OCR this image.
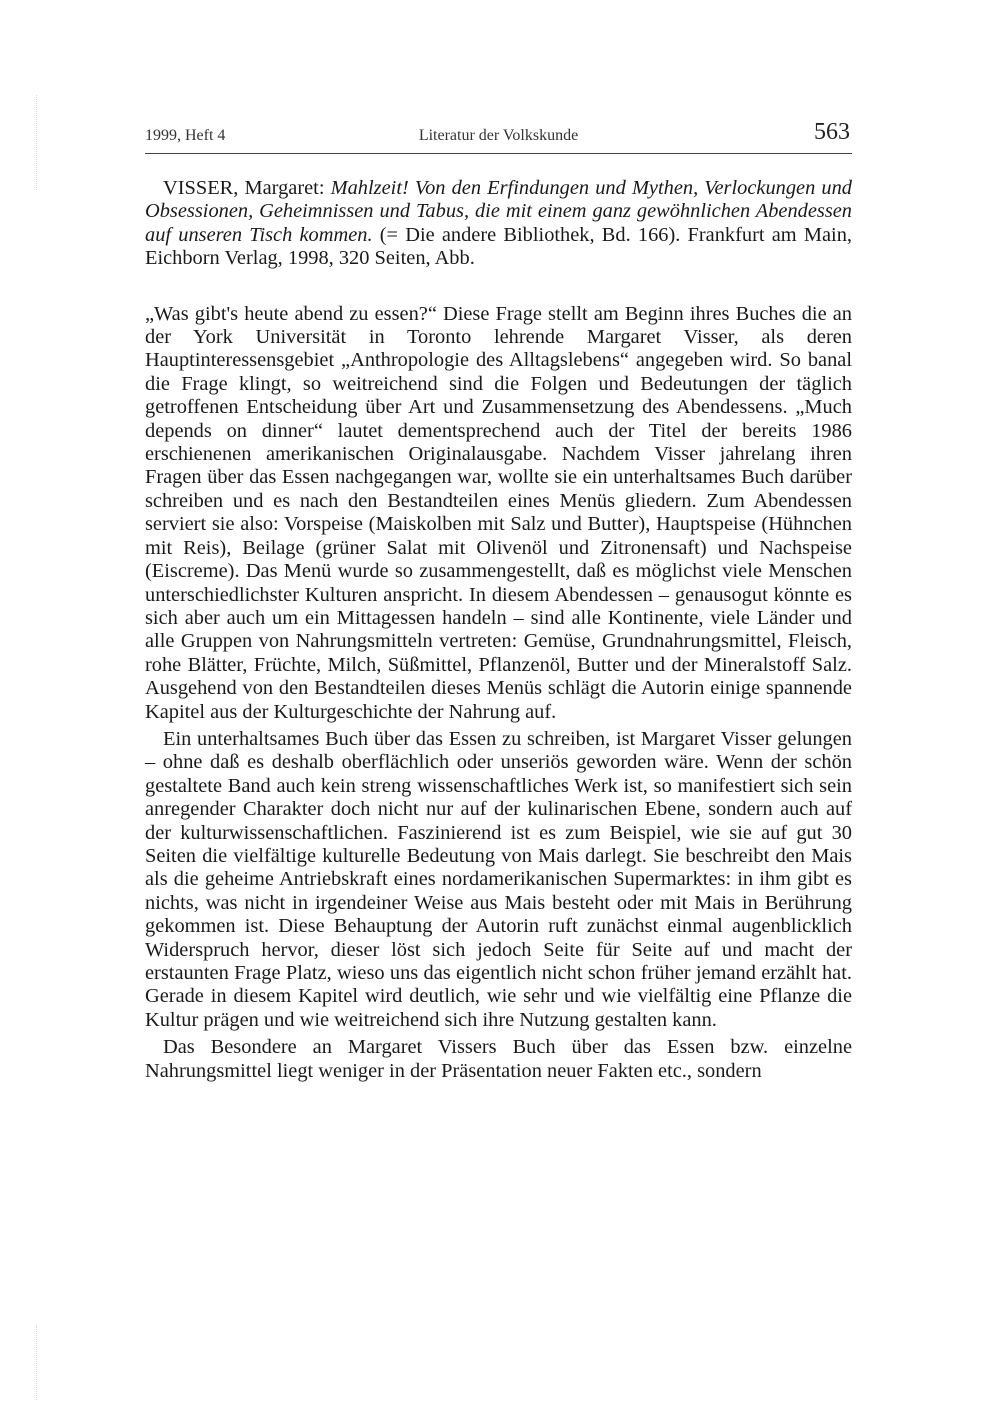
1999, Heft 4	Literatur der Volkskunde	563

VISSER, Margaret: Mahlzeit! Von den Erfindungen und Mythen, Verlockungen und Obsessionen, Geheimnissen und Tabus, die mit einem ganz gewöhnlichen Abendessen auf unseren Tisch kommen. (= Die andere Bibliothek, Bd. 166). Frankfurt am Main, Eichborn Verlag, 1998, 320 Seiten, Abb.

„Was gibt's heute abend zu essen?“ Diese Frage stellt am Beginn ihres Buches die an der York Universität in Toronto lehrende Margaret Visser, als deren Hauptinteressensgebiet „Anthropologie des Alltagslebens“ angegeben wird. So banal die Frage klingt, so weitreichend sind die Folgen und Bedeutungen der täglich getroffenen Entscheidung über Art und Zusammensetzung des Abendessens. „Much depends on dinner“ lautet dementsprechend auch der Titel der bereits 1986 erschienenen amerikanischen Originalausgabe. Nachdem Visser jahrelang ihren Fragen über das Essen nachgegangen war, wollte sie ein unterhaltsames Buch darüber schreiben und es nach den Bestandteilen eines Menüs gliedern. Zum Abendessen serviert sie also: Vorspeise (Maiskolben mit Salz und Butter), Hauptspeise (Hühnchen mit Reis), Beilage (grüner Salat mit Olivenöl und Zitronensaft) und Nachspeise (Eiscreme). Das Menü wurde so zusammengestellt, daß es möglichst viele Menschen unterschiedlichster Kulturen anspricht. In diesem Abendessen – genausogut könnte es sich aber auch um ein Mittagessen handeln – sind alle Kontinente, viele Länder und alle Gruppen von Nahrungsmitteln vertreten: Gemüse, Grundnahrungsmittel, Fleisch, rohe Blätter, Früchte, Milch, Süßmittel, Pflanzenöl, Butter und der Mineralstoff Salz. Ausgehend von den Bestandteilen dieses Menüs schlägt die Autorin einige spannende Kapitel aus der Kulturgeschichte der Nahrung auf.

Ein unterhaltsames Buch über das Essen zu schreiben, ist Margaret Visser gelungen – ohne daß es deshalb oberflächlich oder unseriös geworden wäre. Wenn der schön gestaltete Band auch kein streng wissenschaftliches Werk ist, so manifestiert sich sein anregender Charakter doch nicht nur auf der kulinarischen Ebene, sondern auch auf der kulturwissenschaftlichen. Faszinierend ist es zum Beispiel, wie sie auf gut 30 Seiten die vielfältige kulturelle Bedeutung von Mais darlegt. Sie beschreibt den Mais als die geheime Antriebskraft eines nordamerikanischen Supermarktes: in ihm gibt es nichts, was nicht in irgendeiner Weise aus Mais besteht oder mit Mais in Berührung gekommen ist. Diese Behauptung der Autorin ruft zunächst einmal augenblicklich Widerspruch hervor, dieser löst sich jedoch Seite für Seite auf und macht der erstaunten Frage Platz, wieso uns das eigentlich nicht schon früher jemand erzählt hat. Gerade in diesem Kapitel wird deutlich, wie sehr und wie vielfältig eine Pflanze die Kultur prägen und wie weitreichend sich ihre Nutzung gestalten kann.

Das Besondere an Margaret Vissers Buch über das Essen bzw. einzelne Nahrungsmittel liegt weniger in der Präsentation neuer Fakten etc., sondern
